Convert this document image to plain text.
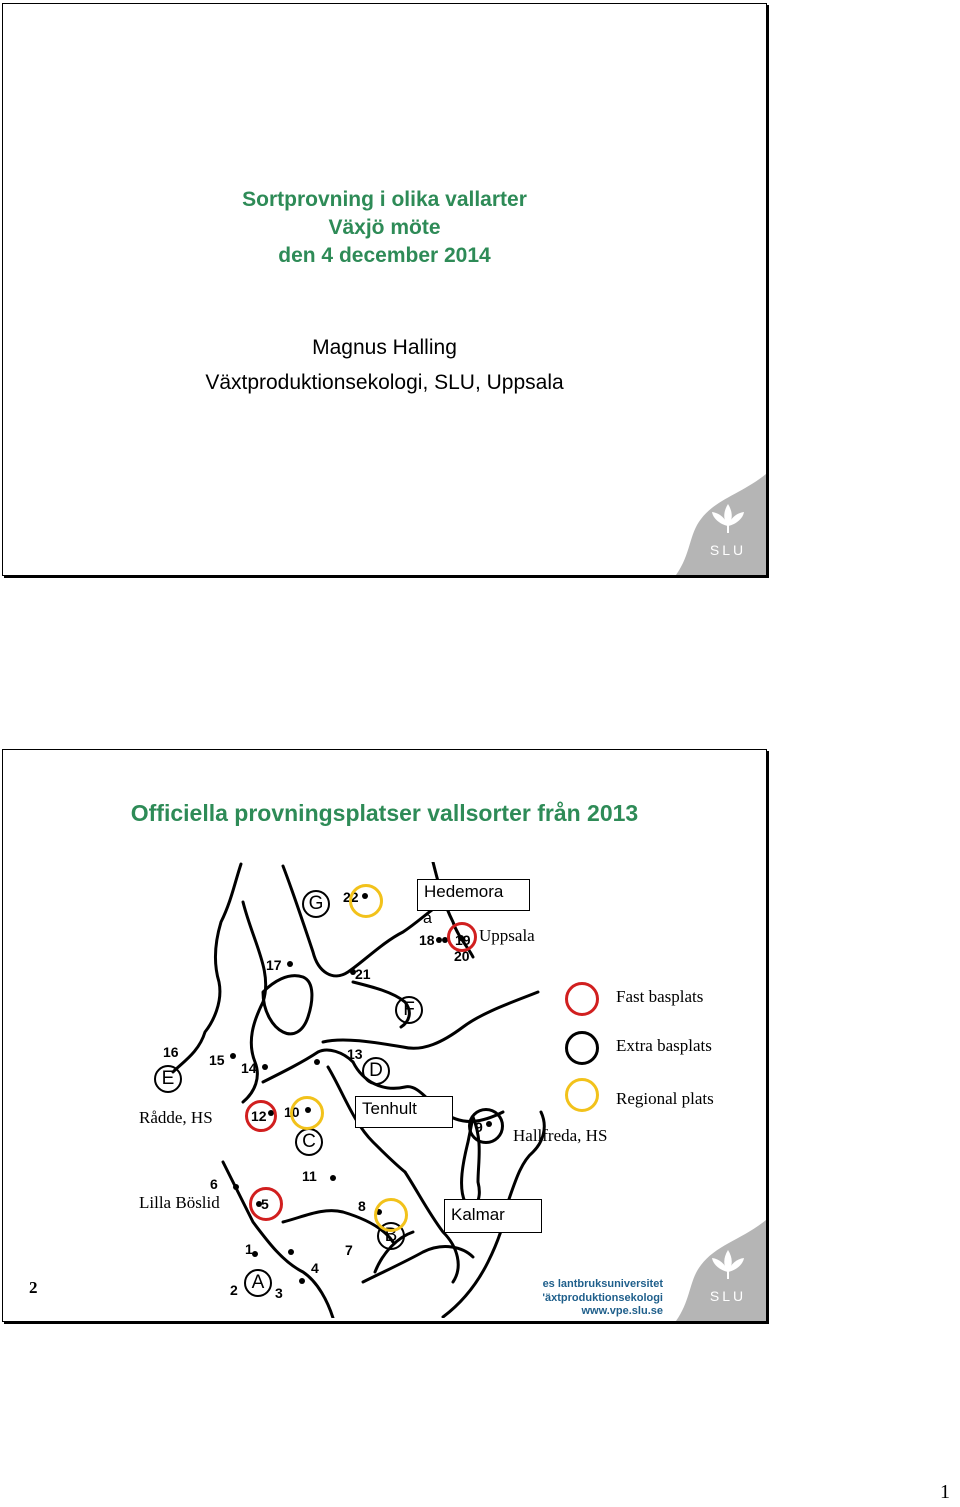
Sortprovning i olika vallarter
Växjö möte
den 4 december 2014
Magnus Halling
Växtproduktionsekologi, SLU, Uppsala
SLU
Officiella provningsplatser vallsorter från 2013
G
F
E	D
C
A
B
22
17
21
16 15 14
13
12 10
9
11
6
5	8
1	7
4
2	3
18 19
20
Hedemora
a
Uppsala
Rådde, HS	Tenhult
Hallfreda, HS
Lilla Böslid
Kalmar
Fast basplats
Extra basplats
Regional plats
2	es lantbruksuniversitet
'äxtproduktionsekologi
www.vpe.slu.se
SLU
1
